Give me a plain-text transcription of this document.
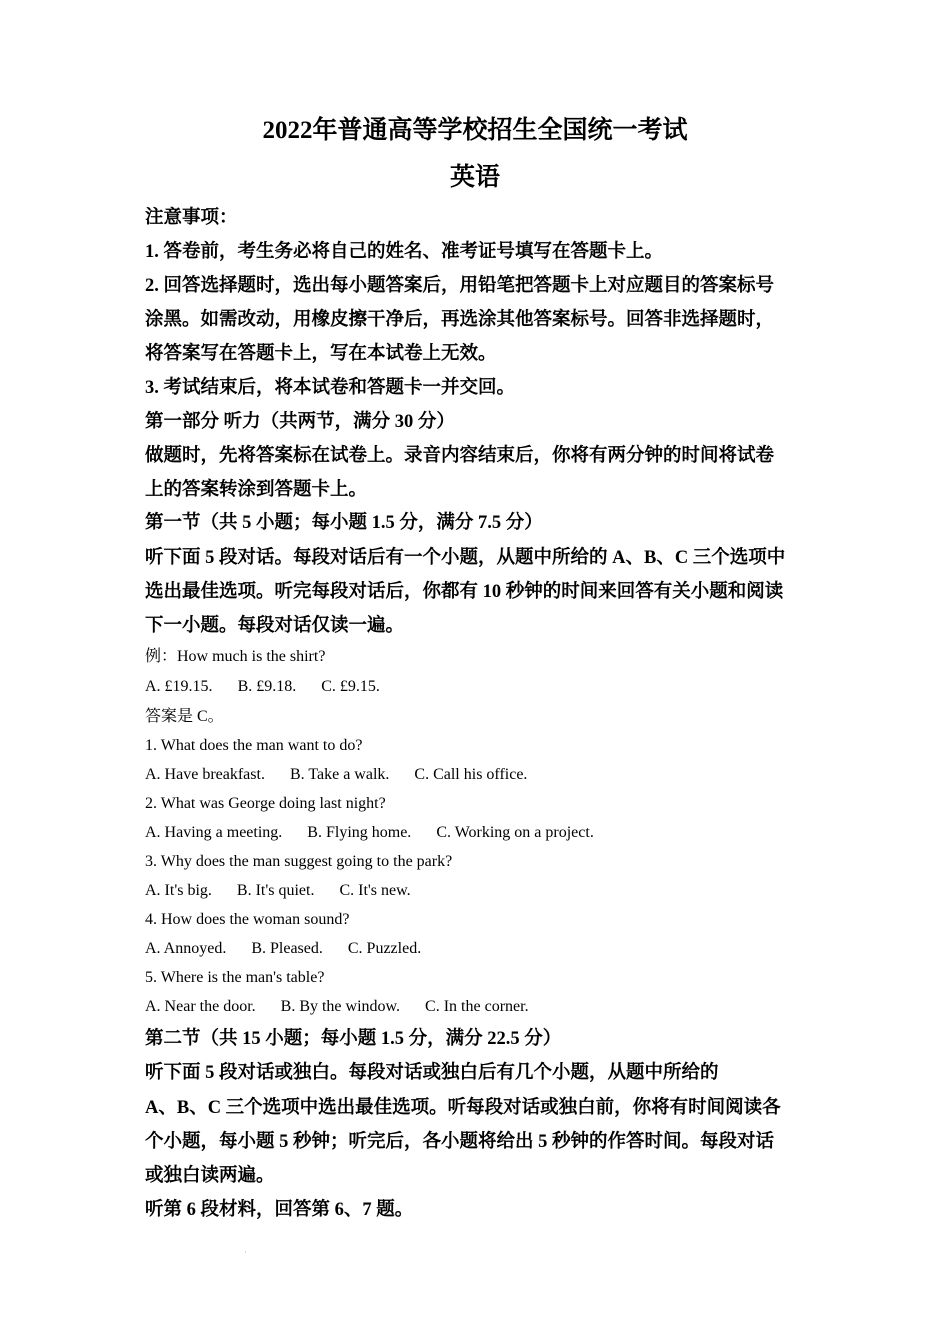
2022年普通高等学校招生全国统一考试
英语
注意事项：
1. 答卷前，考生务必将自己的姓名、准考证号填写在答题卡上。
2. 回答选择题时，选出每小题答案后，用铅笔把答题卡上对应题目的答案标号
涂黑。如需改动，用橡皮擦干净后，再选涂其他答案标号。回答非选择题时，
将答案写在答题卡上，写在本试卷上无效。
3. 考试结束后，将本试卷和答题卡一并交回。
第一部分 听力（共两节，满分 30 分）
做题时，先将答案标在试卷上。录音内容结束后，你将有两分钟的时间将试卷
上的答案转涂到答题卡上。
第一节（共 5 小题；每小题 1.5 分，满分 7.5 分）
听下面 5 段对话。每段对话后有一个小题，从题中所给的 A、B、C 三个选项中
选出最佳选项。听完每段对话后，你都有 10 秒钟的时间来回答有关小题和阅读
下一小题。每段对话仅读一遍。
例：How much is the shirt?
A. £19.15. B. £9.18. C. £9.15.
答案是 C。
1. What does the man want to do?
A. Have breakfast. B. Take a walk. C. Call his office.
2. What was George doing last night?
A. Having a meeting. B. Flying home. C. Working on a project.
3. Why does the man suggest going to the park?
A. It's big. B. It's quiet. C. It's new.
4. How does the woman sound?
A. Annoyed. B. Pleased. C. Puzzled.
5. Where is the man's table?
A. Near the door. B. By the window. C. In the corner.
第二节（共 15 小题；每小题 1.5 分，满分 22.5 分）
听下面 5 段对话或独白。每段对话或独白后有几个小题，从题中所给的
A、B、C 三个选项中选出最佳选项。听每段对话或独白前，你将有时间阅读各
个小题，每小题 5 秒钟；听完后，各小题将给出 5 秒钟的作答时间。每段对话
或独白读两遍。
听第 6 段材料，回答第 6、7 题。
·
